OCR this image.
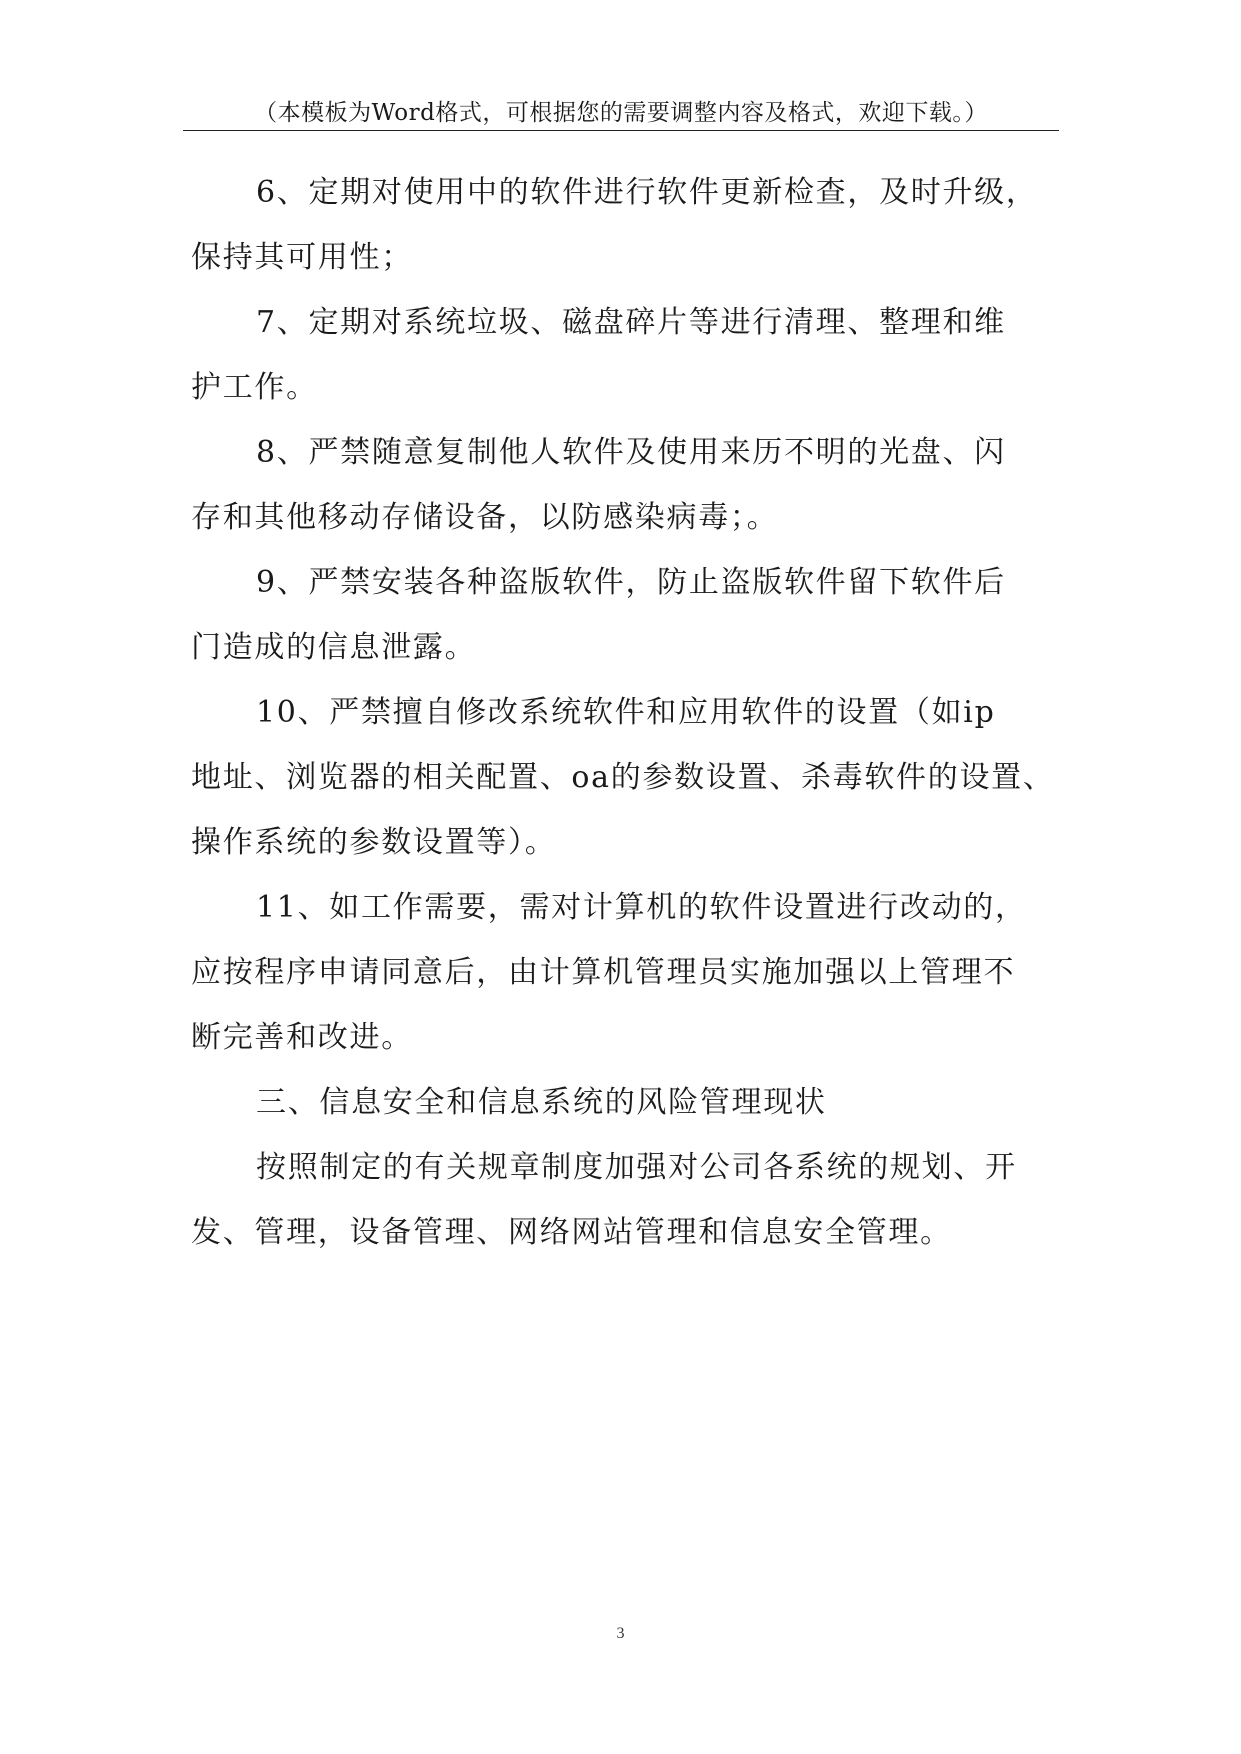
（本模板为Word格式，可根据您的需要调整内容及格式，欢迎下载。）

6、定期对使用中的软件进行软件更新检查，及时升级，
保持其可用性；

7、定期对系统垃圾、磁盘碎片等进行清理、整理和维
护工作。

8、严禁随意复制他人软件及使用来历不明的光盘、闪
存和其他移动存储设备，以防感染病毒；。

9、严禁安装各种盗版软件，防止盗版软件留下软件后
门造成的信息泄露。

10、严禁擅自修改系统软件和应用软件的设置（如ip
地址、浏览器的相关配置、oa的参数设置、杀毒软件的设置、
操作系统的参数设置等）。

11、如工作需要，需对计算机的软件设置进行改动的，
应按程序申请同意后，由计算机管理员实施加强以上管理不
断完善和改进。

三、信息安全和信息系统的风险管理现状

按照制定的有关规章制度加强对公司各系统的规划、开
发、管理，设备管理、网络网站管理和信息安全管理。

3
